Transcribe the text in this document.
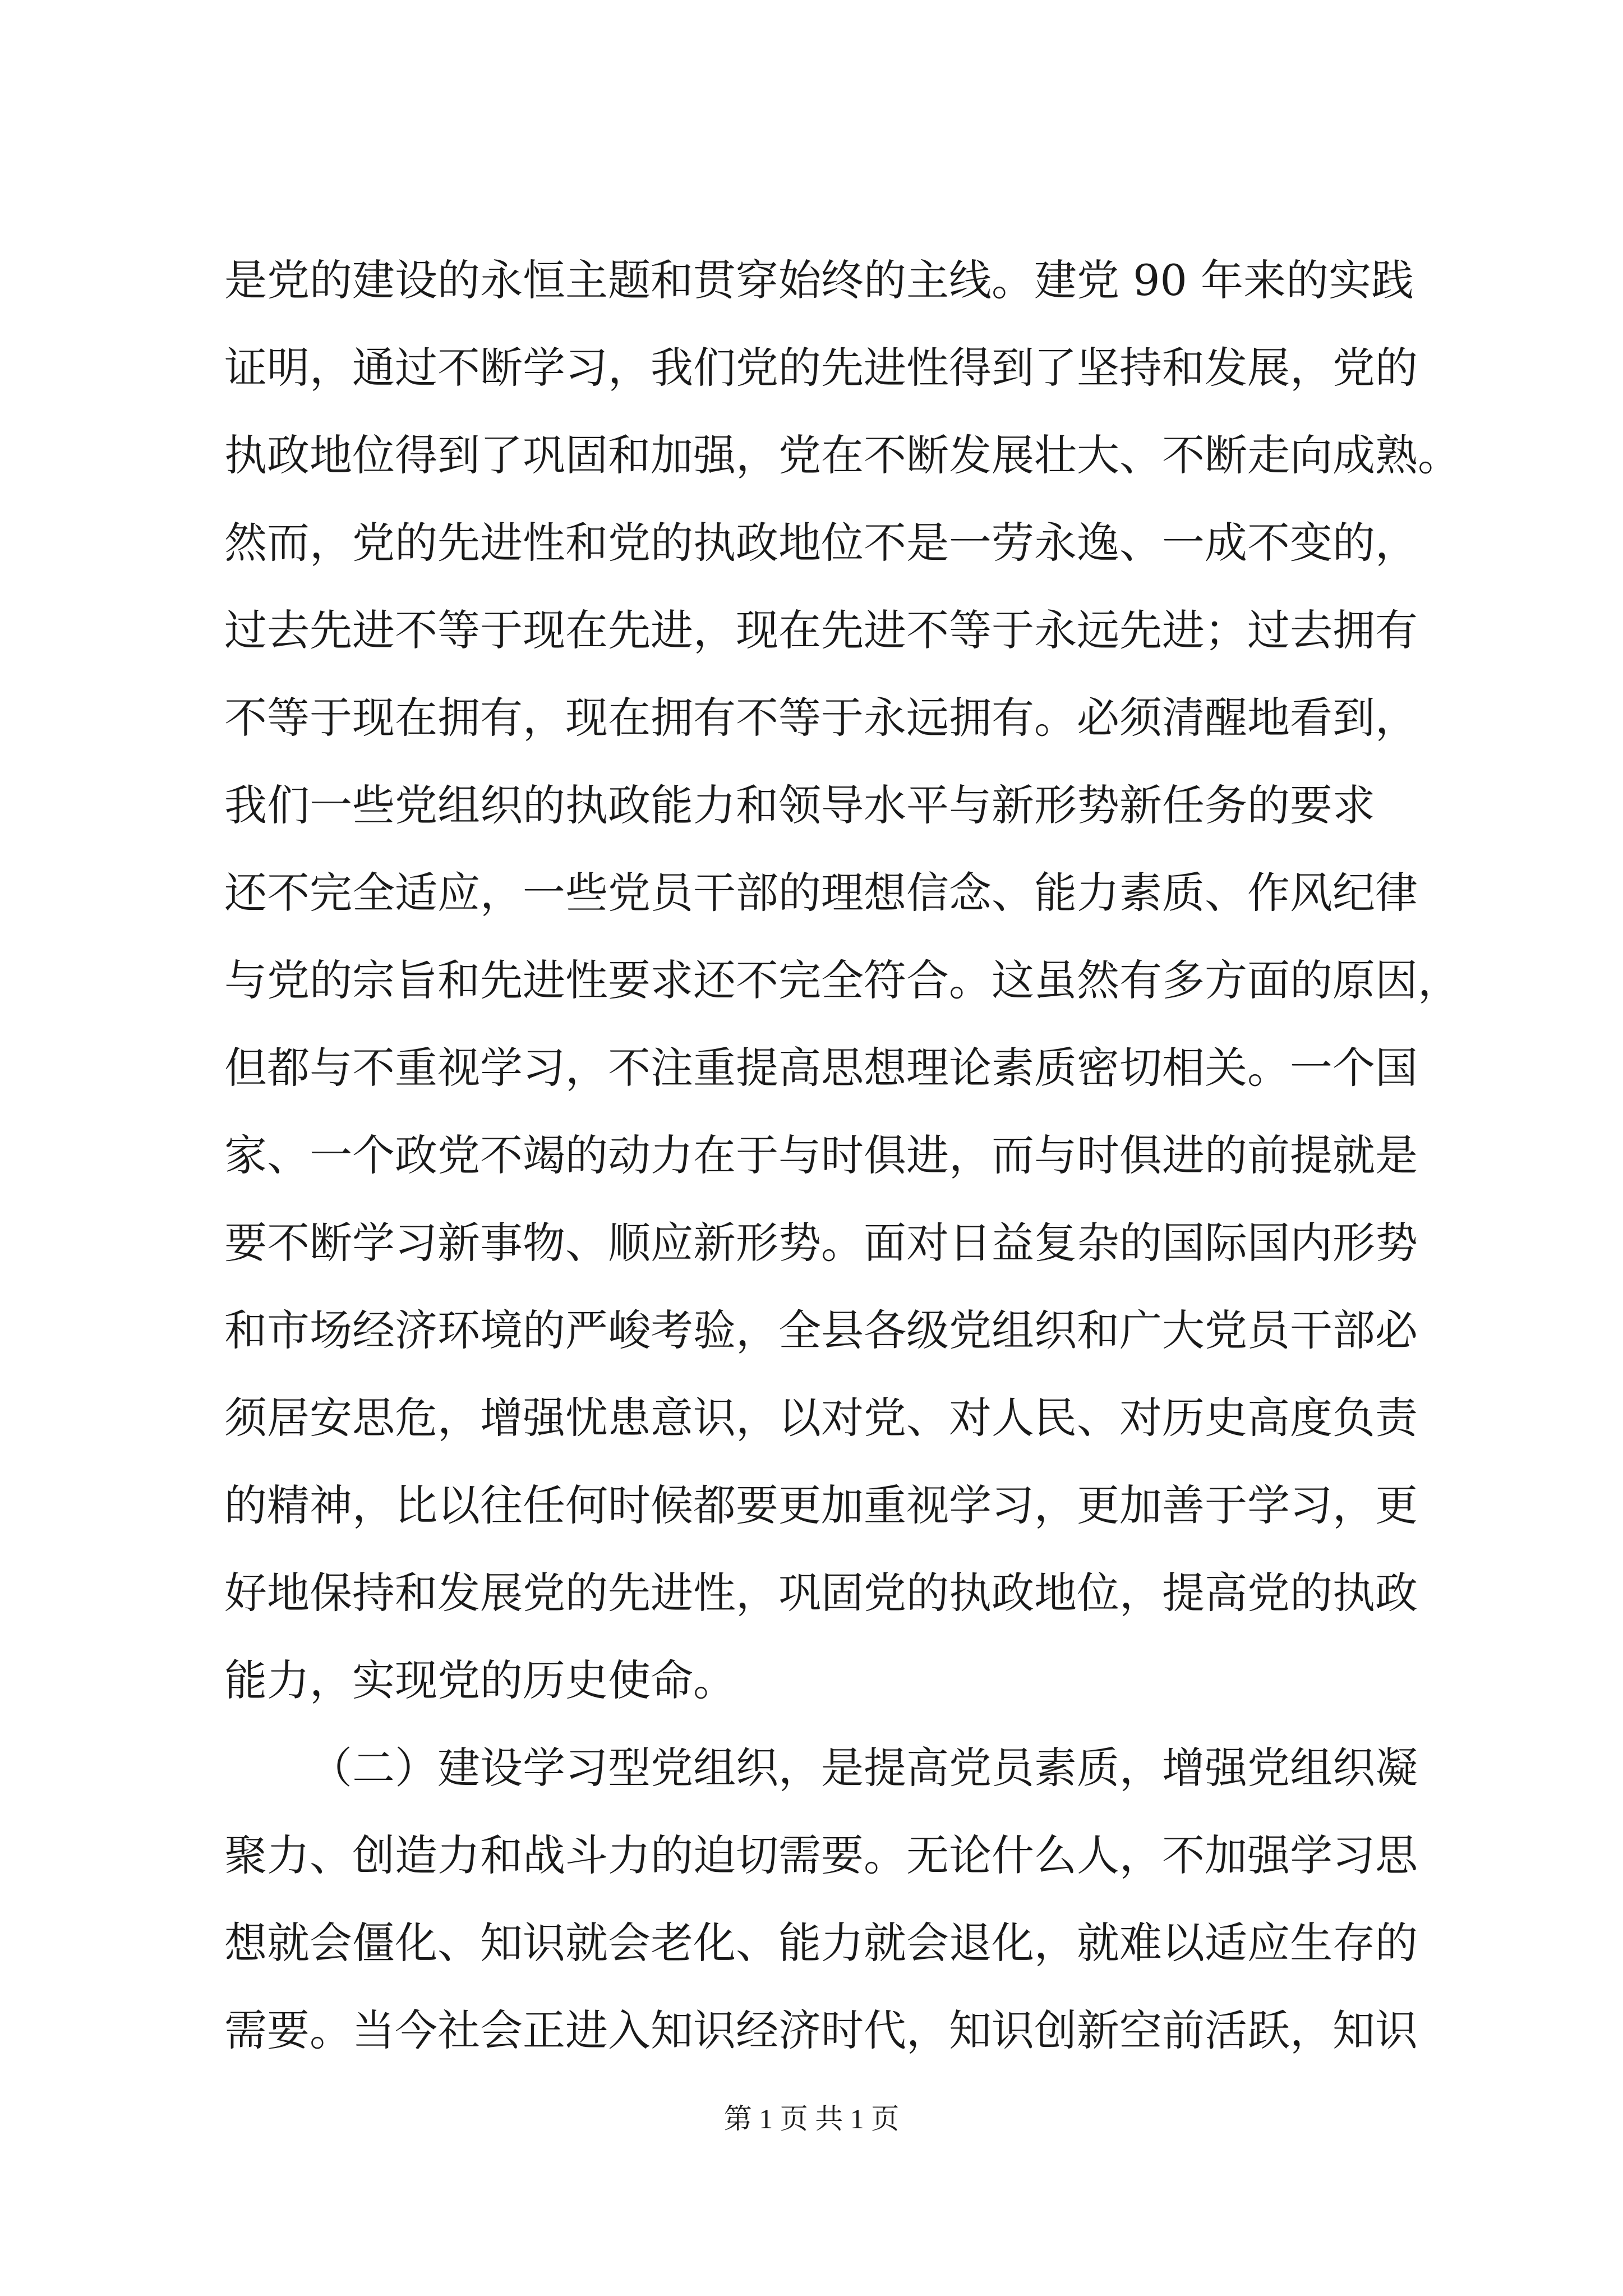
是党的建设的永恒主题和贯穿始终的主线。建党 90 年来的实践
证明，通过不断学习，我们党的先进性得到了坚持和发展，党的
执政地位得到了巩固和加强，党在不断发展壮大、不断走向成熟。
然而，党的先进性和党的执政地位不是一劳永逸、一成不变的，
过去先进不等于现在先进，现在先进不等于永远先进；过去拥有
不等于现在拥有，现在拥有不等于永远拥有。必须清醒地看到，
我们一些党组织的执政能力和领导水平与新形势新任务的要求
还不完全适应，一些党员干部的理想信念、能力素质、作风纪律
与党的宗旨和先进性要求还不完全符合。这虽然有多方面的原因，
但都与不重视学习，不注重提高思想理论素质密切相关。一个国
家、一个政党不竭的动力在于与时俱进，而与时俱进的前提就是
要不断学习新事物、顺应新形势。面对日益复杂的国际国内形势
和市场经济环境的严峻考验，全县各级党组织和广大党员干部必
须居安思危，增强忧患意识，以对党、对人民、对历史高度负责
的精神，比以往任何时候都要更加重视学习，更加善于学习，更
好地保持和发展党的先进性，巩固党的执政地位，提高党的执政
能力，实现党的历史使命。
（二）建设学习型党组织，是提高党员素质，增强党组织凝
聚力、创造力和战斗力的迫切需要。无论什么人，不加强学习思
想就会僵化、知识就会老化、能力就会退化，就难以适应生存的
需要。当今社会正进入知识经济时代，知识创新空前活跃，知识
第 1 页 共 1 页
